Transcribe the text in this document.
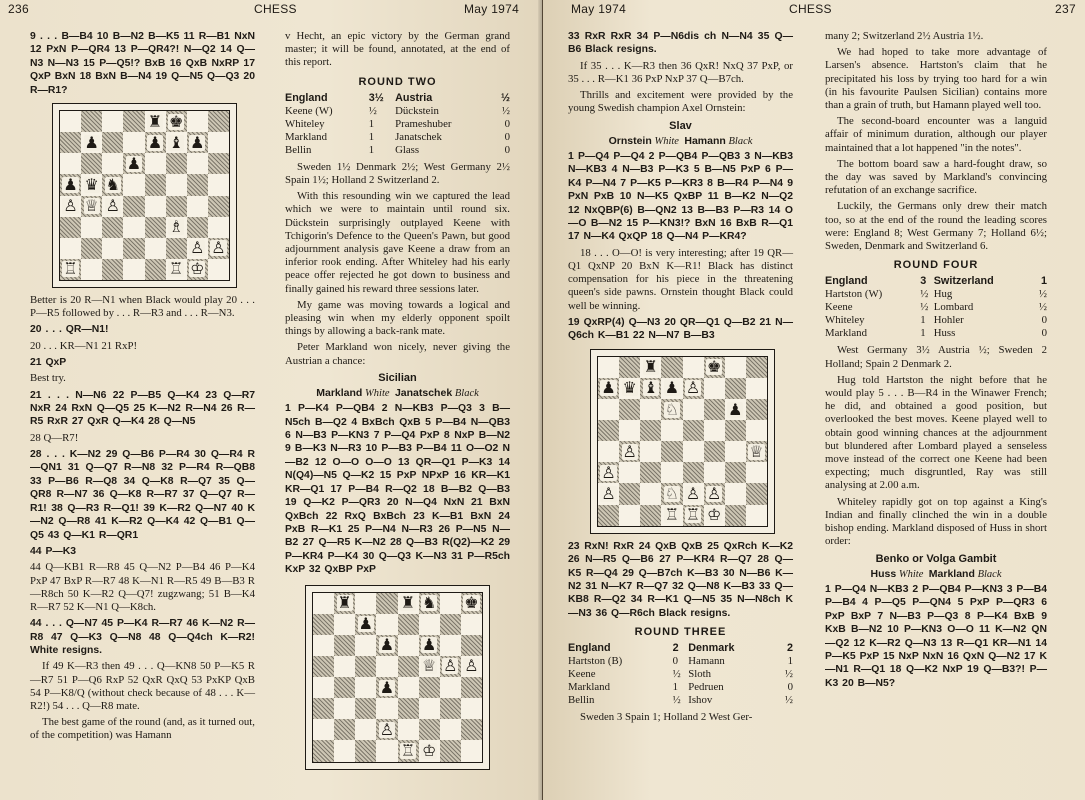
236	CHESS	May 1974

9 . . . B—B4 10 B—N2 B—K5 11 R—B1 NxN 12 PxN P—QR4 13 P—QR4?! N—Q2 14 Q—N3 N—N3 15 P—Q5!? BxB 16 QxB NxRP 17 QxP BxN 18 BxN B—N4 19 Q—N5 Q—Q3 20 R—R1?

♜ ♚
♟	♟ ♝ ♟
♟
♟ ♛ ♞
♙ ♕ ♙
♗
♙ ♙
♖	♖ ♔

Better is 20 R—N1 when Black would play 20 . . . P—R5 followed by . . . R—R3 and . . . R—N3.

20 . . . QR—N1!

20 . . . KR—N1 21 RxP!

21 QxP

Best try.

21 . . . N—N6 22 P—B5 Q—K4 23 Q—R7 NxR 24 RxN Q—Q5 25 K—N2 R—N4 26 R—R5 RxR 27 QxR Q—K4 28 Q—N5

28 Q—R7!

28 . . . K—N2 29 Q—B6 P—R4 30 Q—R4 R—QN1 31 Q—Q7 R—N8 32 P—R4 R—QB8 33 P—B6 R—Q8 34 Q—K8 R—Q7 35 Q—QR8 R—N7 36 Q—K8 R—R7 37 Q—Q7 R—R1! 38 Q—R3 R—Q1! 39 K—R2 Q—N7 40 K—N2 Q—R8 41 K—R2 Q—K4 42 Q—B1 Q—Q5 43 Q—K1 R—QR1

44 P—K3

44 Q—KB1 R—R8 45 Q—N2 P—B4 46 P—K4 PxP 47 BxP R—R7 48 K—N1 R—R5 49 B—B3 R—R8ch 50 K—R2 Q—Q7! zugzwang; 51 B—K4 R—R7 52 K—N1 Q—K8ch.

44 . . . Q—N7 45 P—K4 R—R7 46 K—N2 R—R8 47 Q—K3 Q—N8 48 Q—Q4ch K—R2! White resigns.

If 49 K—R3 then 49 . . . Q—KN8 50 P—K5 R—R7 51 P—Q6 RxP 52 QxR QxQ 53 PxKP QxB 54 P—K8/Q (without check because of 48 . . . K—R2!) 54 . . . Q—R8 mate.

The best game of the round (and, as it turned out, of the competition) was Hamann

v Hecht, an epic victory by the German grand master; it will be found, annotated, at the end of this report.

ROUND TWO
England	3½	Austria	½
Keene (W)	½	Dückstein	½
Whiteley	1	Prameshuber	0
Markland	1	Janatschek	0
Bellin	1	Glass	0

Sweden 1½ Denmark 2½; West Germany 2½ Spain 1½; Holland 2 Switzerland 2.

With this resounding win we captured the lead which we were to maintain until round six. Dückstein surprisingly outplayed Keene with Tchigorin's Defence to the Queen's Pawn, but good adjournment analysis gave Keene a draw from an inferior rook ending. After Whiteley had his early peace offer rejected he got down to business and finally gained his reward three sessions later.

My game was moving towards a logical and pleasing win when my elderly opponent spoilt things by allowing a back-rank mate.

Peter Markland won nicely, never giving the Austrian a chance:

Sicilian
Markland White Janatschek Black

1 P—K4 P—QB4 2 N—KB3 P—Q3 3 B—N5ch B—Q2 4 BxBch QxB 5 P—B4 N—QB3 6 N—B3 P—KN3 7 P—Q4 PxP 8 NxP B—N2 9 B—K3 N—R3 10 P—B3 P—B4 11 O—O2 N—B2 12 O—O O—O 13 QR—Q1 P—K3 14 N(Q4)—N5 Q—K2 15 PxP NPxP 16 KR—K1 KR—Q1 17 P—B4 R—Q2 18 B—B2 Q—B3 19 Q—K2 P—QR3 20 N—Q4 NxN 21 BxN QxBch 22 RxQ BxBch 23 K—B1 BxN 24 PxB R—K1 25 P—N4 N—R3 26 P—N5 N—B2 27 Q—R5 K—N2 28 Q—B3 R(Q2)—K2 29 P—KR4 P—K4 30 Q—Q3 K—N3 31 P—R5ch KxP 32 QxBP PxP

♜	♜ ♞ ♚
♟
♟ ♟
♕ ♙ ♙
♟
♙
♖ ♔
May 1974	CHESS	237

33 RxR RxR 34 P—N6dis ch N—N4 35 Q—B6 Black resigns.

If 35 . . . K—R3 then 36 QxR! NxQ 37 PxP, or 35 . . . R—K1 36 PxP NxP 37 Q—B7ch.

Thrills and excitement were provided by the young Swedish champion Axel Ornstein:

Slav
Ornstein White Hamann Black

1 P—Q4 P—Q4 2 P—QB4 P—QB3 3 N—KB3 N—KB3 4 N—B3 P—K3 5 B—N5 PxP 6 P—K4 P—N4 7 P—K5 P—KR3 8 B—R4 P—N4 9 PxN PxB 10 N—K5 QxBP 11 B—K2 N—Q2 12 NxQBP(6) B—QN2 13 B—B3 P—R3 14 O—O B—N2 15 P—KN3!? BxN 16 BxB R—Q1 17 N—K4 QxQP 18 Q—N4 P—KR4?

18 . . . O—O! is very interesting; after 19 QR—Q1 QxNP 20 BxN K—R1! Black has distinct compensation for his piece in the threatening queen's side pawns. Ornstein thought Black could well be winning.

19 QxRP(4) Q—N3 20 QR—Q1 Q—B2 21 N—Q6ch K—B1 22 N—N7 B—B3

♜	♚
♟ ♛ ♝ ♟ ♙
♘	♟
♙	♕
♙
♙	♘ ♙ ♙
♖ ♖ ♔

23 RxN! RxR 24 QxB QxB 25 QxRch K—K2 26 N—R5 Q—B6 27 P—KR4 R—Q7 28 Q—K5 R—Q4 29 Q—B7ch K—B3 30 N—B6 K—N2 31 N—K7 R—Q7 32 Q—N8 K—B3 33 Q—KB8 R—Q2 34 R—K1 Q—N5 35 N—N8ch K—N3 36 Q—R6ch Black resigns.

ROUND THREE
England	2	Denmark	2
Hartston (B)	0	Hamann	1
Keene	½	Sloth	½
Markland	1	Pedruen	0
Bellin	½	Ishov	½

Sweden 3 Spain 1; Holland 2 West Ger-

many 2; Switzerland 2½ Austria 1½.

We had hoped to take more advantage of Larsen's absence. Hartston's claim that he precipitated his loss by trying too hard for a win (in his favourite Paulsen Sicilian) contains more than a grain of truth, but Hamann played well too.

The second-board encounter was a languid affair of minimum duration, although our player maintained that a lot happened "in the notes".

The bottom board saw a hard-fought draw, so the day was saved by Markland's convincing refutation of an exchange sacrifice.

Luckily, the Germans only drew their match too, so at the end of the round the leading scores were: England 8; West Germany 7; Holland 6½; Sweden, Denmark and Switzerland 6.

ROUND FOUR
England	3	Switzerland	1
Hartston (W)	½	Hug	½
Keene	½	Lombard	½
Whiteley	1	Hohler	0
Markland	1	Huss	0

West Germany 3½ Austria ½; Sweden 2 Holland; Spain 2 Denmark 2.

Hug told Hartston the night before that he would play 5 . . . B—R4 in the Winawer French; he did, and obtained a good position, but overlooked the best moves. Keene played well to obtain good winning chances at the adjournment but blundered after Lombard played a senseless move instead of the correct one Keene had been expecting; much disgruntled, Ray was still analysing at 2.00 a.m.

Whiteley rapidly got on top against a King's Indian and finally clinched the win in a double bishop ending. Markland disposed of Huss in short order:

Benko or Volga Gambit
Huss White Markland Black

1 P—Q4 N—KB3 2 P—QB4 P—KN3 3 P—B4 P—B4 4 P—Q5 P—QN4 5 PxP P—QR3 6 PxP BxP 7 N—B3 P—Q3 8 P—K4 BxB 9 KxB B—N2 10 P—KN3 O—O 11 K—N2 QN—Q2 12 K—R2 Q—N3 13 R—Q1 KR—N1 14 P—K5 PxP 15 NxP NxN 16 QxN Q—N2 17 K—N1 R—Q1 18 Q—K2 NxP 19 Q—B3?! P—K3 20 B—N5?
